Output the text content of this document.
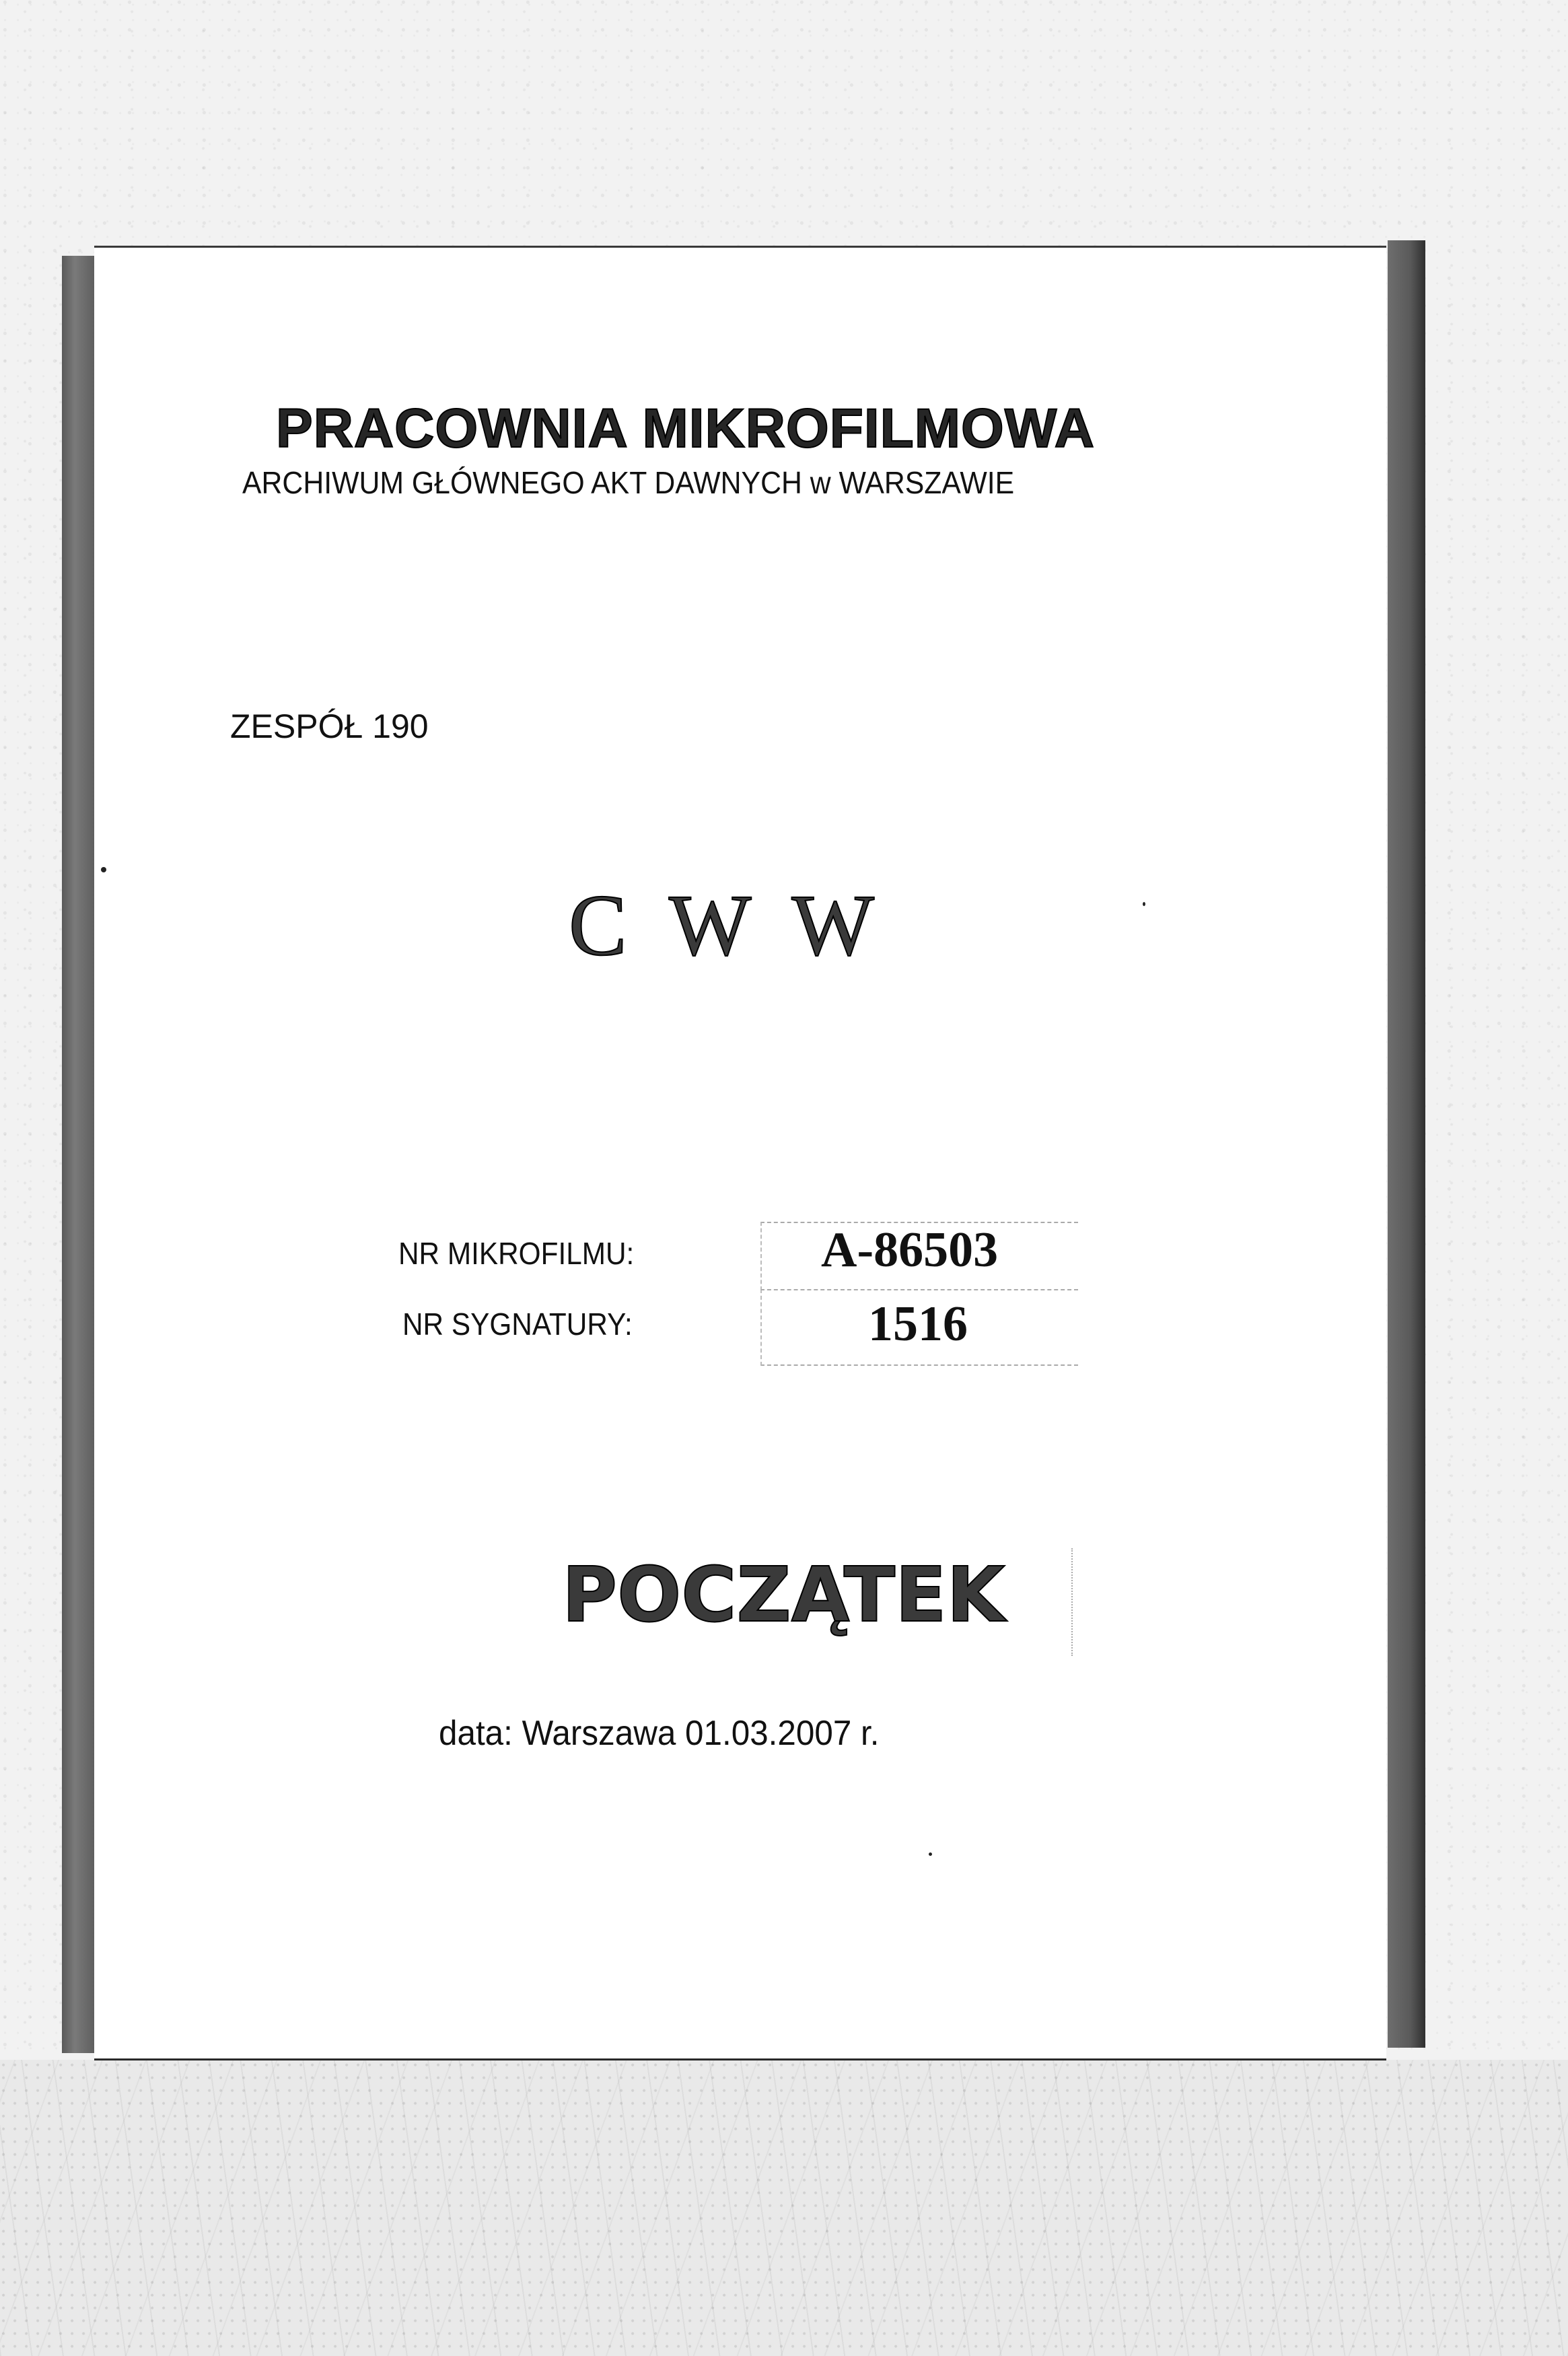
PRACOWNIA MIKROFILMOWA
ARCHIWUM GŁÓWNEGO AKT DAWNYCH w WARSZAWIE
ZESPÓŁ 190
C W W
NR MIKROFILMU:	A-86503
NR SYGNATURY:	1516
POCZĄTEK
data: Warszawa 01.03.2007 r.
